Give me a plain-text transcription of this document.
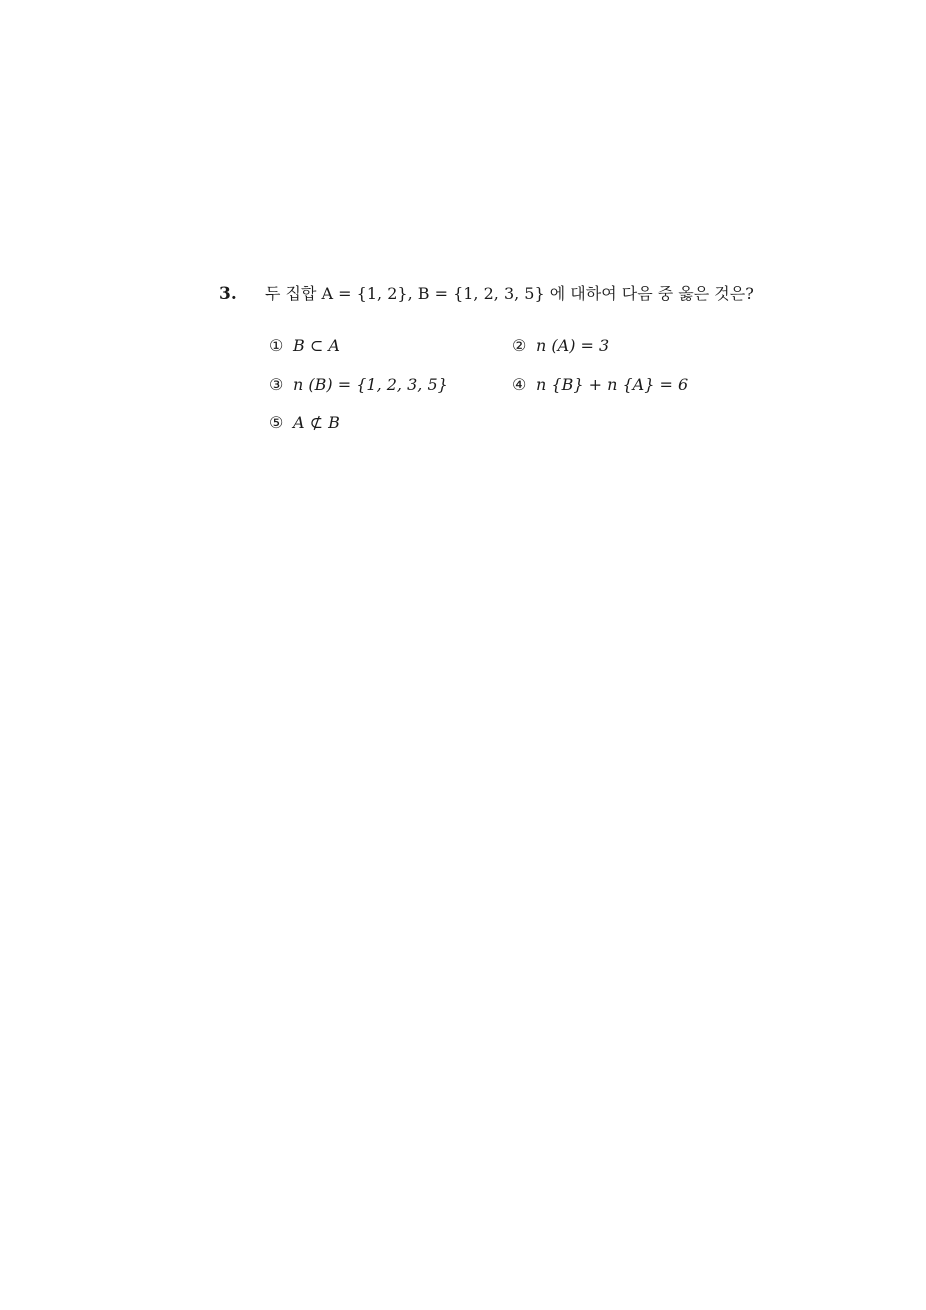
3. 두 집합 A = {1, 2}, B = {1, 2, 3, 5} 에 대하여 다음 중 옳은 것은?
① B ⊂ A	② n (A) = 3
③ n (B) = {1, 2, 3, 5}	④ n {B} + n {A} = 6
⑤ A ⊄ B
